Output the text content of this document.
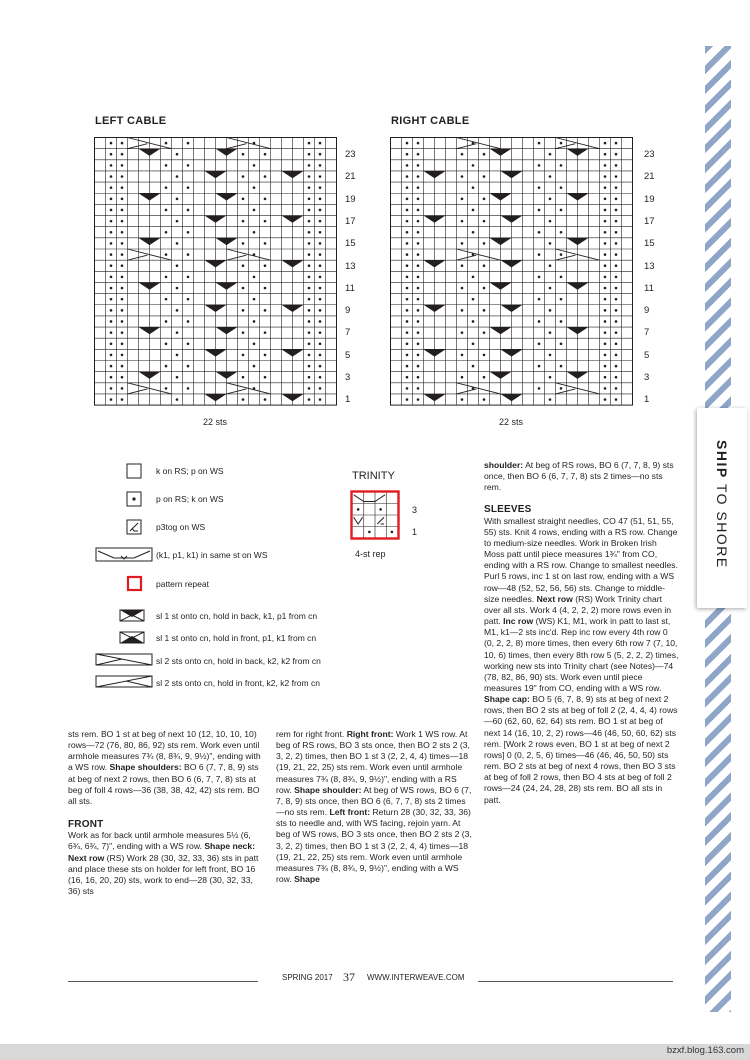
LEFT CABLE	RIGHT CABLE
23
21
19
17
15
13
11
9
7
5
3
1
23
21
19
17
15
13
11
9
7
5
3
1
22 sts	22 sts
k on RS; p on WS
p on RS; k on WS
p3tog on WS
(k1, p1, k1) in same st on WS
pattern repeat
sl 1 st onto cn, hold in back, k1, p1 from cn
sl 1 st onto cn, hold in front, p1, k1 from cn
sl 2 sts onto cn, hold in back, k2, k2 from cn
sl 2 sts onto cn, hold in front, k2, k2 from cn
TRINITY
3
1
4-st rep

shoulder: At beg of RS rows, BO 6 (7, 7, 8, 9) sts once, then BO 6 (6, 7, 7, 8) sts 2 times—no sts rem.

SLEEVES

With smallest straight needles, CO 47 (51, 51, 55, 55) sts. Knit 4 rows, ending with a RS row. Change to medium-size needles. Work in Broken Irish Moss patt until piece measures 1¾" from CO, ending with a RS row. Change to smallest needles. Purl 5 rows, inc 1 st on last row, ending with a WS row—48 (52, 52, 56, 56) sts. Change to middle-size needles. Next row (RS) Work Trinity chart over all sts. Work 4 (4, 2, 2, 2) more rows even in patt. Inc row (WS) K1, M1, work in patt to last st, M1, k1—2 sts inc'd. Rep inc row every 4th row 0 (0, 2, 2, 8) more times, then every 6th row 7 (7, 10, 10, 6) times, then every 8th row 5 (5, 2, 2, 2) times, working new sts into Trinity chart (see Notes)—74 (78, 82, 86, 90) sts. Work even until piece measures 19" from CO, ending with a WS row. Shape cap: BO 5 (6, 7, 8, 9) sts at beg of next 2 rows, then BO 2 sts at beg of foll 2 (2, 4, 4, 4) rows—60 (62, 60, 62, 64) sts rem. BO 1 st at beg of next 14 (16, 10, 2, 2) rows—46 (46, 50, 60, 62) sts rem. [Work 2 rows even, BO 1 st at beg of next 2 rows] 0 (0, 2, 5, 6) times—46 (46, 46, 50, 50) sts rem. BO 2 sts at beg of next 4 rows, then BO 3 sts at beg of foll 2 rows, then BO 4 sts at beg of foll 2 rows—24 (24, 24, 28, 28) sts rem. BO all sts in patt.

sts rem. BO 1 st at beg of next 10 (12, 10, 10, 10) rows—72 (76, 80, 86, 92) sts rem. Work even until armhole measures 7¾ (8, 8¾, 9, 9½)", ending with a WS row. Shape shoulders: BO 6 (7, 7, 8, 9) sts at beg of next 2 rows, then BO 6 (6, 7, 7, 8) sts at beg of foll 4 rows—36 (38, 38, 42, 42) sts rem. BO all sts.

FRONT

Work as for back until armhole measures 5½ (6, 6¾, 6¾, 7)", ending with a WS row. Shape neck: Next row (RS) Work 28 (30, 32, 33, 36) sts in patt and place these sts on holder for left front, BO 16 (16, 16, 20, 20) sts, work to end—28 (30, 32, 33, 36) sts

rem for right front. Right front: Work 1 WS row. At beg of RS rows, BO 3 sts once, then BO 2 sts 2 (3, 3, 2, 2) times, then BO 1 st 3 (2, 2, 4, 4) times—18 (19, 21, 22, 25) sts rem. Work even until armhole measures 7¾ (8, 8¾, 9, 9½)", ending with a RS row. Shape shoulder: At beg of WS rows, BO 6 (7, 7, 8, 9) sts once, then BO 6 (6, 7, 7, 8) sts 2 times—no sts rem. Left front: Return 28 (30, 32, 33, 36) sts to needle and, with WS facing, rejoin yarn. At beg of WS rows, BO 3 sts once, then BO 2 sts 2 (3, 3, 2, 2) times, then BO 1 st 3 (2, 2, 4, 4) times—18 (19, 21, 22, 25) sts rem. Work even until armhole measures 7¾ (8, 8¾, 9, 9½)", ending with a WS row. Shape

SHIP TO SHORE
SPRING 2017 37 WWW.INTERWEAVE.COM
bzxf.blog.163.com
